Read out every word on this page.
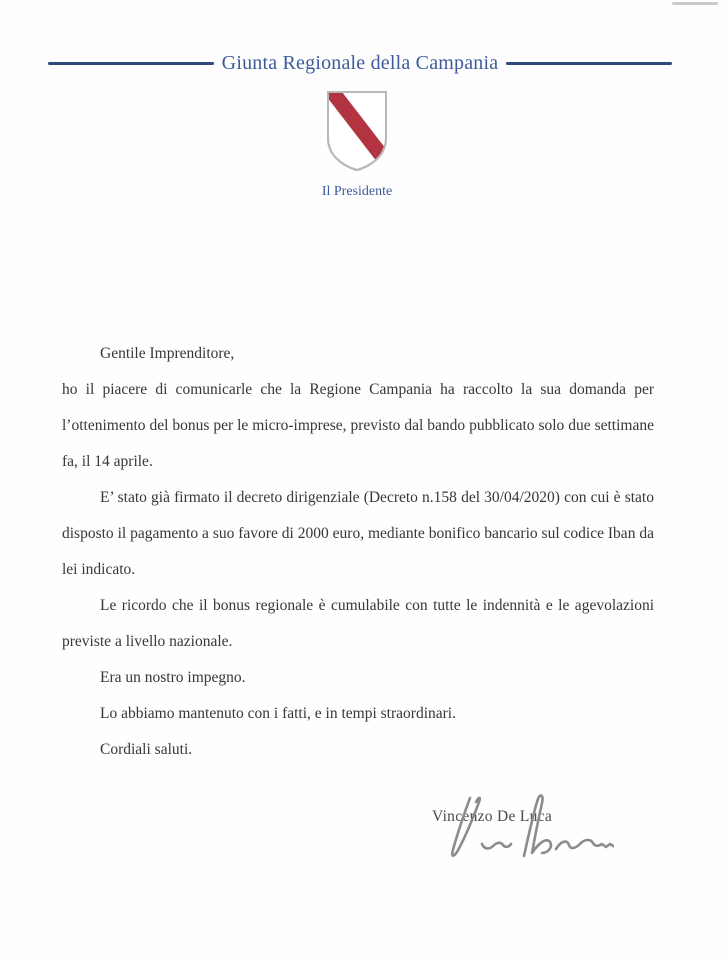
Giunta Regionale della Campania
Il Presidente

Gentile Imprenditore,

ho il piacere di comunicarle che la Regione Campania ha raccolto la sua domanda per l’ottenimento del bonus per le micro-imprese, previsto dal bando pubblicato solo due settimane fa, il 14 aprile.

E’ stato già firmato il decreto dirigenziale (Decreto n.158 del 30/04/2020) con cui è stato disposto il pagamento a suo favore di 2000 euro, mediante bonifico bancario sul codice Iban da lei indicato.

Le ricordo che il bonus regionale è cumulabile con tutte le indennità e le agevolazioni previste a livello nazionale.

Era un nostro impegno.

Lo abbiamo mantenuto con i fatti, e in tempi straordinari.

Cordiali saluti.

Vincenzo De Luca
